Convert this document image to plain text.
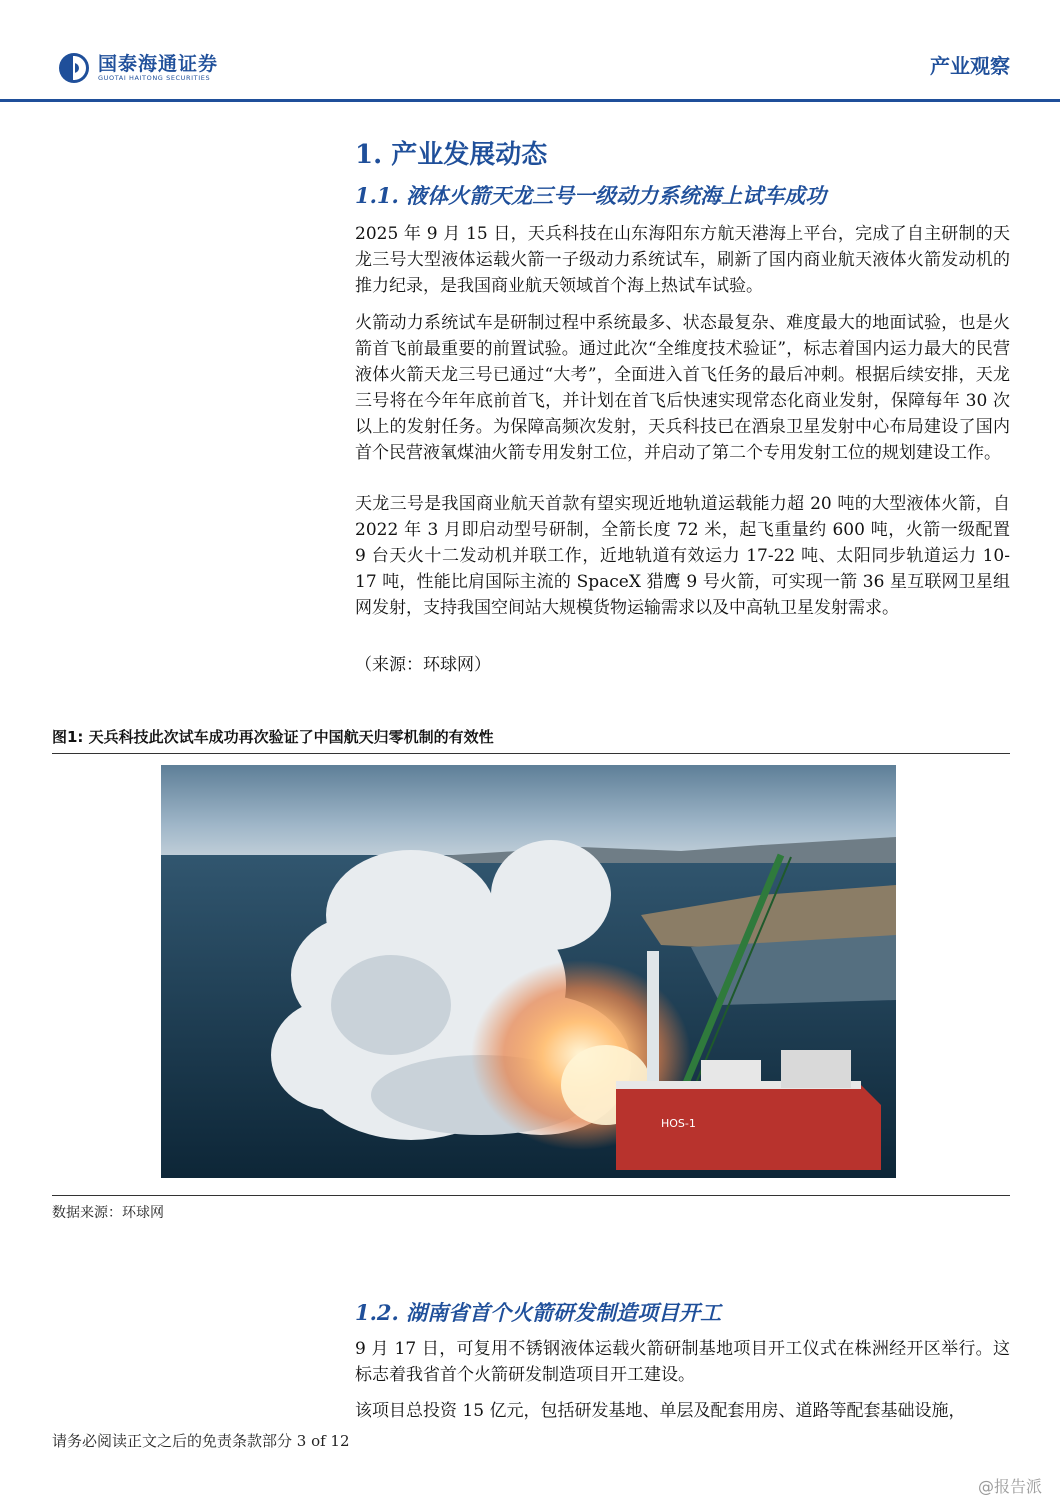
国泰海通证券
GUOTAI HAITONG SECURITIES	产业观察
1. 产业发展动态
1.1. 液体火箭天龙三号一级动力系统海上试车成功
2025 年 9 月 15 日，天兵科技在山东海阳东方航天港海上平台，完成了自主研制的天龙三号大型液体运载火箭一子级动力系统试车，刷新了国内商业航天液体火箭发动机的推力纪录，是我国商业航天领域首个海上热试车试验。
火箭动力系统试车是研制过程中系统最多、状态最复杂、难度最大的地面试验，也是火箭首飞前最重要的前置试验。通过此次“全维度技术验证”，标志着国内运力最大的民营液体火箭天龙三号已通过“大考”，全面进入首飞任务的最后冲刺。根据后续安排，天龙三号将在今年年底前首飞，并计划在首飞后快速实现常态化商业发射，保障每年 30 次以上的发射任务。为保障高频次发射，天兵科技已在酒泉卫星发射中心布局建设了国内首个民营液氧煤油火箭专用发射工位，并启动了第二个专用发射工位的规划建设工作。
天龙三号是我国商业航天首款有望实现近地轨道运载能力超 20 吨的大型液体火箭，自 2022 年 3 月即启动型号研制，全箭长度 72 米，起飞重量约 600 吨，火箭一级配置 9 台天火十二发动机并联工作，近地轨道有效运力 17-22 吨、太阳同步轨道运力 10-17 吨，性能比肩国际主流的 SpaceX 猎鹰 9 号火箭，可实现一箭 36 星互联网卫星组网发射，支持我国空间站大规模货物运输需求以及中高轨卫星发射需求。
（来源：环球网）
图1: 天兵科技此次试车成功再次验证了中国航天归零机制的有效性
HOS-1
数据来源：环球网
1.2. 湖南省首个火箭研发制造项目开工
9 月 17 日，可复用不锈钢液体运载火箭研制基地项目开工仪式在株洲经开区举行。这标志着我省首个火箭研发制造项目开工建设。
该项目总投资 15 亿元，包括研发基地、单层及配套用房、道路等配套基础设施，
请务必阅读正文之后的免责条款部分 3 of 12
@报告派
